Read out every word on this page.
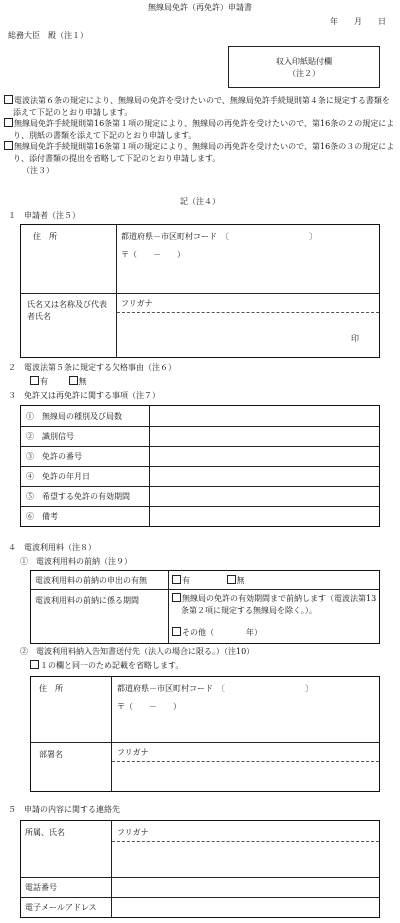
無線局免許（再免許）申請書
年　　月　　日
総務大臣　殿（注１）
収入印紙貼付欄
（注２）
電波法第６条の規定により、無線局の免許を受けたいので、無線局免許手続規則第４条に規定する書類を添えて下記のとおり申請します。
無線局免許手続規則第16条第１項の規定により、無線局の再免許を受けたいので、第16条の２の規定により、別紙の書類を添えて下記のとおり申請します。
無線局免許手続規則第16条第１項の規定により、無線局の再免許を受けたいので、第16条の３の規定により、添付書類の提出を省略して下記のとおり申請します。
（注３）
記（注４）
１　申請者（注５）
住　所	都道府県－市区町村コード　〔　　　　　　　　　　〕
〒（　　－　　）
氏名又は名称及び代表者氏名
フリガナ
印
２　電波法第５条に規定する欠格事由（注６）
有	無
３　免許又は再免許に関する事項（注７）
①　無線局の種別及び局数
②　識別信号
③　免許の番号
④　免許の年月日
⑤　希望する免許の有効期間
⑥　備考
４　電波利用料（注８）
①　電波利用料の前納（注９）
電波利用料の前納の申出の有無	有	無
電波利用料の前納に係る期間	無線局の免許の有効期間まで前納します（電波法第13条第２項に規定する無線局を除く。）。
その他（　　　　年）
②　電波利用料納入告知書送付先（法人の場合に限る。）（注10）
１の欄と同一のため記載を省略します。
住　所	都道府県－市区町村コード　〔　　　　　　　　　　〕
〒（　　－　　）
部署名	フリガナ
５　申請の内容に関する連絡先
所属、氏名	フリガナ
電話番号
電子メールアドレス
